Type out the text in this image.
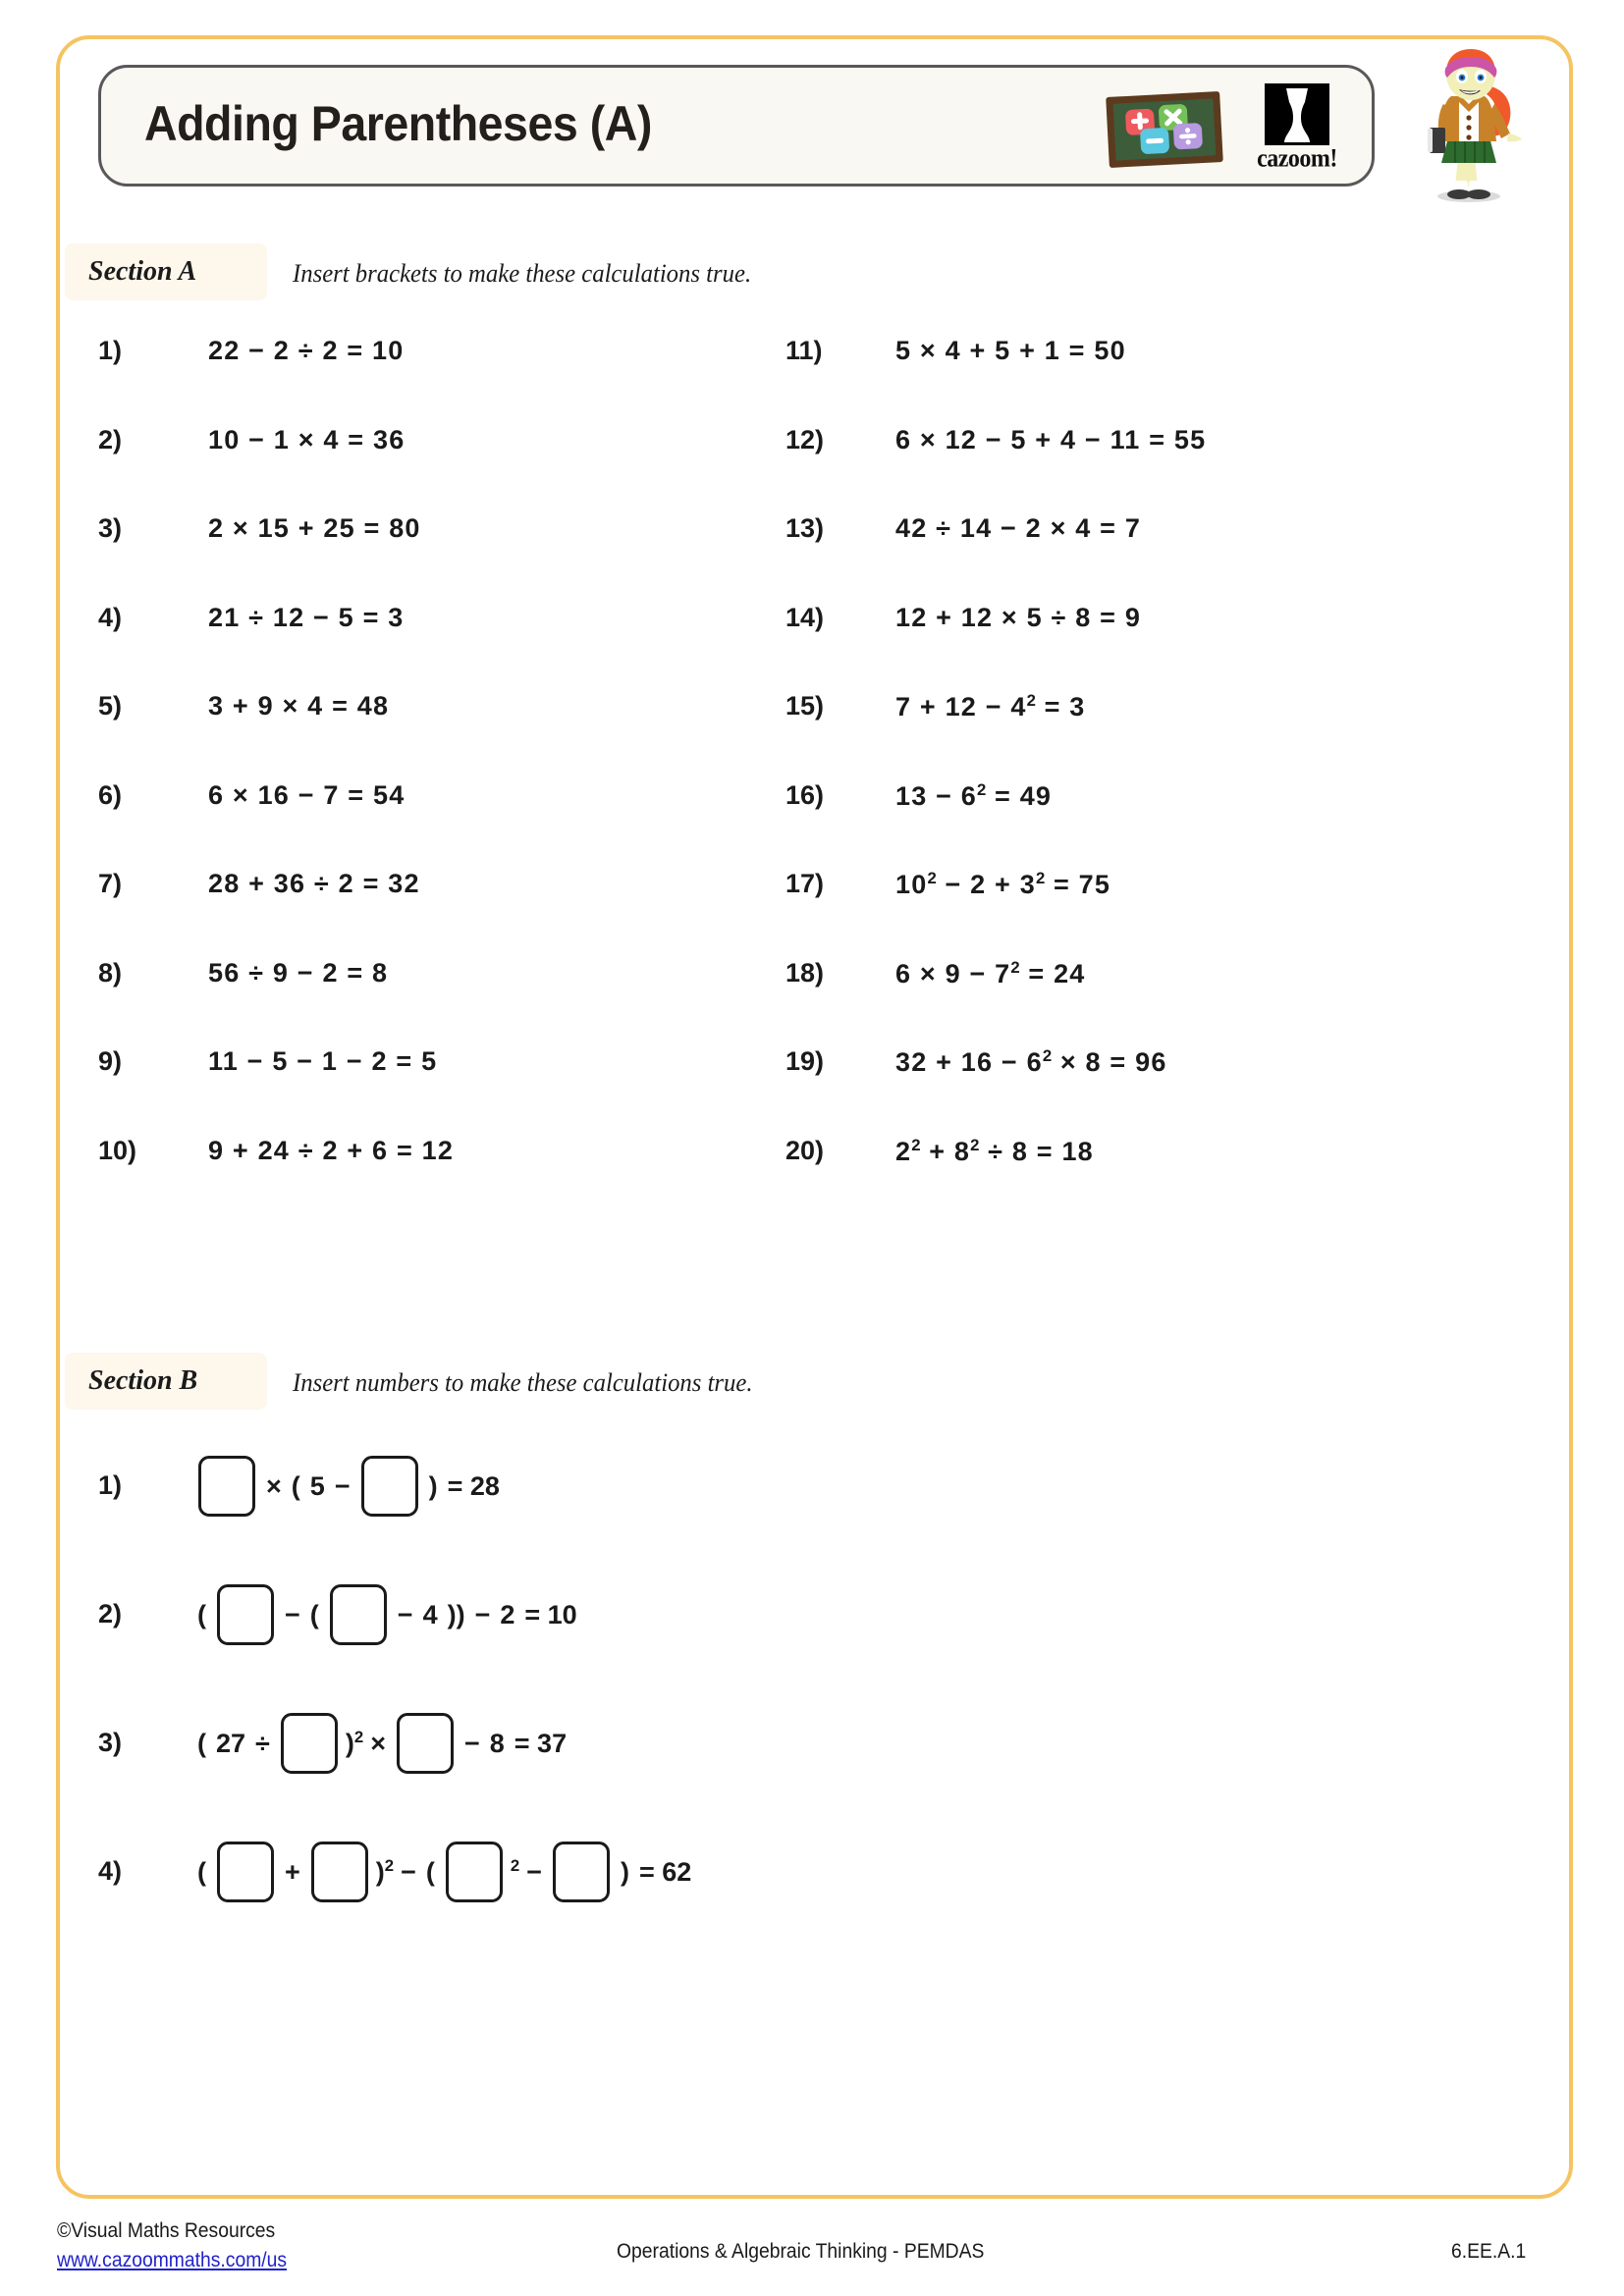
Adding Parentheses (A)
cazoom!
Section A	Insert brackets to make these calculations true.
1)	22 − 2 ÷ 2 = 10
2)	10 − 1 × 4 = 36
3)	2 × 15 + 25 = 80
4)	21 ÷ 12 − 5 = 3
5)	3 + 9 × 4 = 48
6)	6 × 16 − 7 = 54
7)	28 + 36 ÷ 2 = 32
8)	56 ÷ 9 − 2 = 8
9)	11 − 5 − 1 − 2 = 5
10)	9 + 24 ÷ 2 + 6 = 12
11)	5 × 4 + 5 + 1 = 50
12)	6 × 12 − 5 + 4 − 11 = 55
13)	42 ÷ 14 − 2 × 4 = 7
14)	12 + 12 × 5 ÷ 8 = 9
15)	$7 + 12 - 4^2 = 3$
16)	$13 - 6^2 = 49$
17)	$10^2 - 2 + 3^2 = 75$
18)	$6 \times 9 - 7^2 = 24$
19)	$32 + 16 - 6^2 \times 8 = 96$
20)	$2^2 + 8^2 \div 8 = 18$
Section B	Insert numbers to make these calculations true.
1)	× ( 5 −	) = 28
2)	(	− (	− 4 )) − 2 = 10
3)	( 27 ÷	)$^2$ ×	− 8 = 37
4)	(	+	)$^2$ − (	$^2$ −	) = 62
©Visual Maths Resources
www.cazoommaths.com/us	Operations & Algebraic Thinking - PEMDAS	6.EE.A.1
